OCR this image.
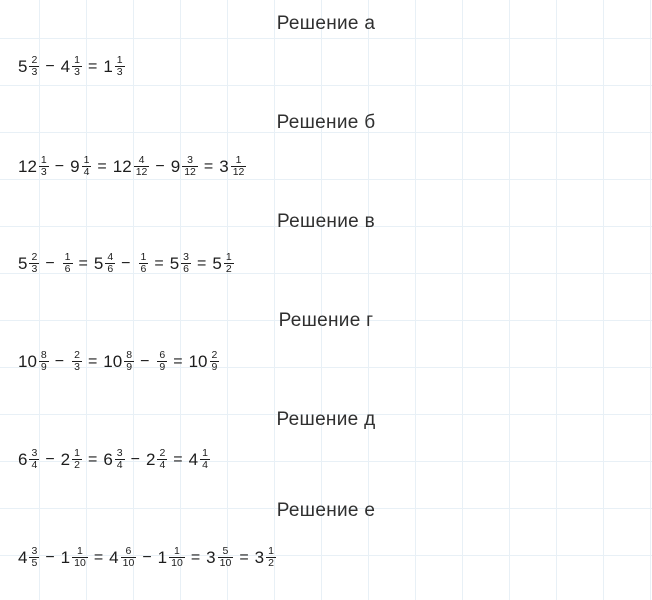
Решение а
$5 \frac{2}{3} - 4 \frac{1}{3} = 1 \frac{1}{3}$
Решение б
$12 \frac{1}{3} - 9 \frac{1}{4} = 12 \frac{4}{12} - 9 \frac{3}{12} = 3 \frac{1}{12}$
Решение в
$5 \frac{2}{3} - \frac{1}{6} = 5 \frac{4}{6} - \frac{1}{6} = 5 \frac{3}{6} = 5 \frac{1}{2}$
Решение г
$10 \frac{8}{9} - \frac{2}{3} = 10 \frac{8}{9} - \frac{6}{9} = 10 \frac{2}{9}$
Решение д
$6 \frac{3}{4} - 2 \frac{1}{2} = 6 \frac{3}{4} - 2 \frac{2}{4} = 4 \frac{1}{4}$
Решение е
$4 \frac{3}{5} - 1 \frac{1}{10} = 4 \frac{6}{10} - 1 \frac{1}{10} = 3 \frac{5}{10} = 3 \frac{1}{2}$
